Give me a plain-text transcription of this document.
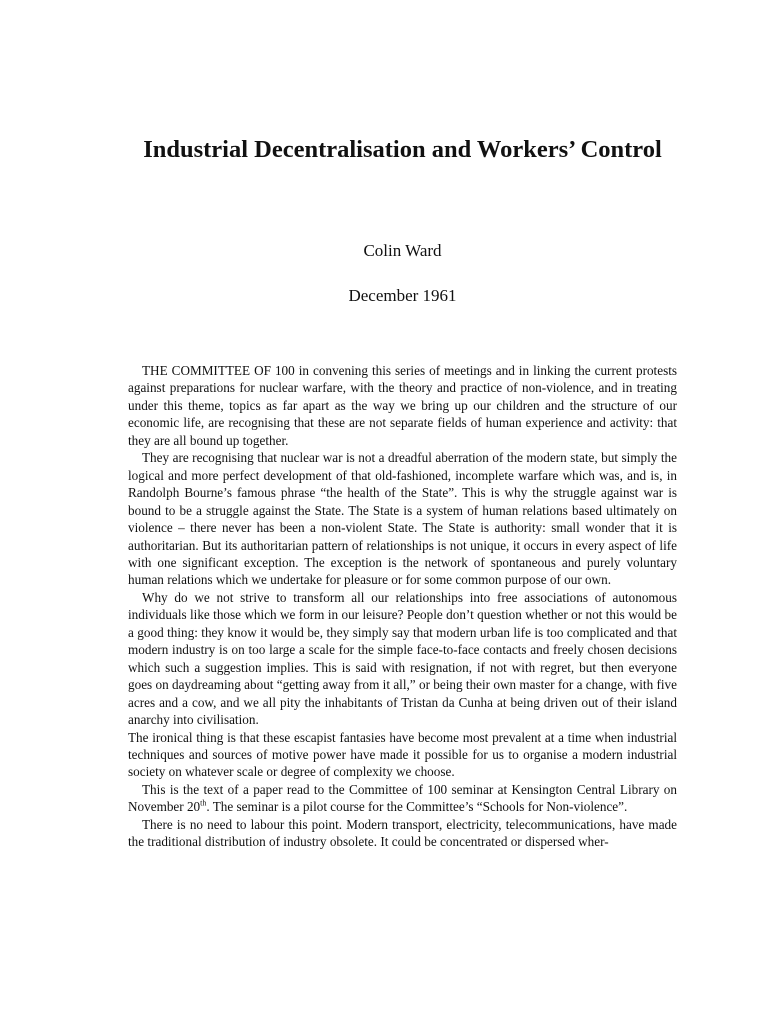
Industrial Decentralisation and Workers’ Control
Colin Ward
December 1961

THE COMMITTEE OF 100 in convening this series of meetings and in linking the current protests against preparations for nuclear warfare, with the theory and practice of non-violence, and in treating under this theme, topics as far apart as the way we bring up our children and the structure of our economic life, are recognising that these are not separate fields of human experience and activity: that they are all bound up together.

They are recognising that nuclear war is not a dreadful aberration of the modern state, but simply the logical and more perfect development of that old-fashioned, incomplete warfare which was, and is, in Randolph Bourne’s famous phrase “the health of the State”. This is why the struggle against war is bound to be a struggle against the State. The State is a system of human relations based ultimately on violence – there never has been a non-violent State. The State is authority: small wonder that it is authoritarian. But its authoritarian pattern of relationships is not unique, it occurs in every aspect of life with one significant exception. The exception is the network of spontaneous and purely voluntary human relations which we undertake for pleasure or for some common purpose of our own.

Why do we not strive to transform all our relationships into free associations of autonomous individuals like those which we form in our leisure? People don’t question whether or not this would be a good thing: they know it would be, they simply say that modern urban life is too complicated and that modern industry is on too large a scale for the simple face-to-face contacts and freely chosen decisions which such a suggestion implies. This is said with resignation, if not with regret, but then everyone goes on daydreaming about “getting away from it all,” or being their own master for a change, with five acres and a cow, and we all pity the inhabitants of Tristan da Cunha at being driven out of their island anarchy into civilisation.

The ironical thing is that these escapist fantasies have become most prevalent at a time when industrial techniques and sources of motive power have made it possible for us to organise a modern industrial society on whatever scale or degree of complexity we choose.

This is the text of a paper read to the Committee of 100 seminar at Kensington Central Library on November 20th. The seminar is a pilot course for the Committee’s “Schools for Non-violence”.

There is no need to labour this point. Modern transport, electricity, telecommunications, have made the traditional distribution of industry obsolete. It could be concentrated or dispersed wher-
